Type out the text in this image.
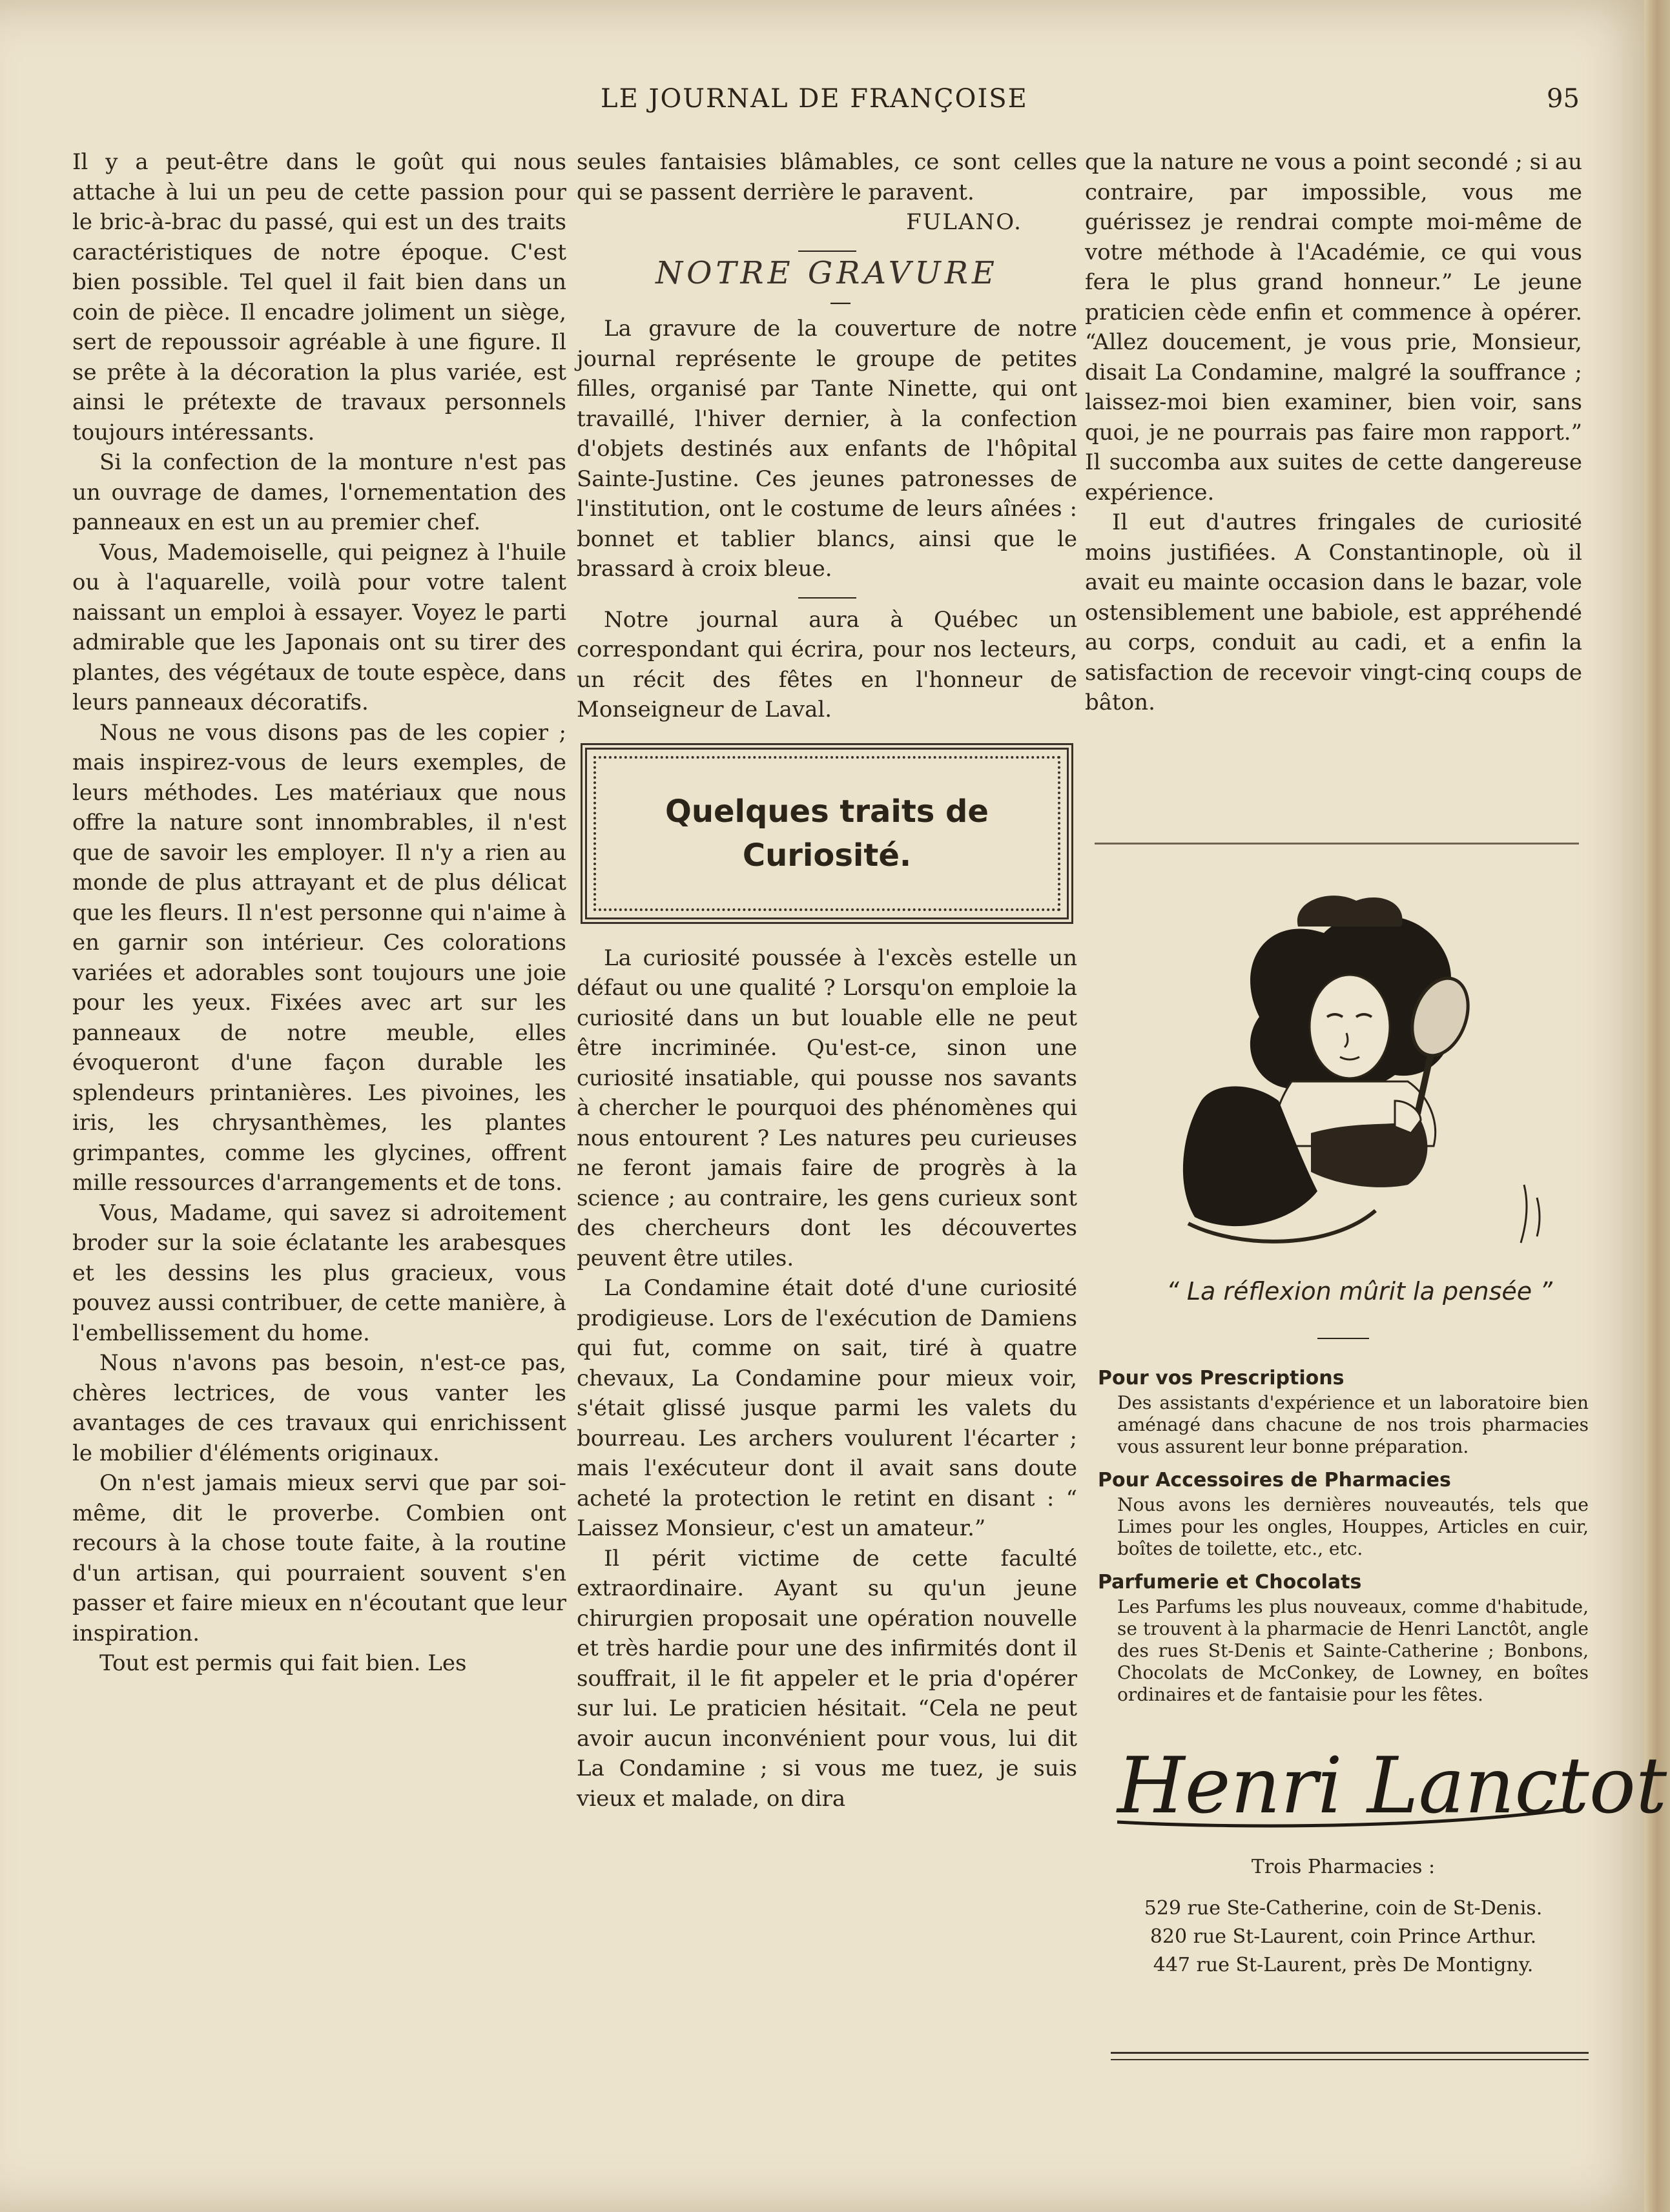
LE JOURNAL DE FRANÇOISE	95

Il y a peut-être dans le goût qui nous attache à lui un peu de cette passion pour le bric-à-brac du passé, qui est un des traits caractéristiques de notre époque. C'est bien possible. Tel quel il fait bien dans un coin de pièce. Il encadre joliment un siège, sert de repoussoir agréable à une figure. Il se prête à la décoration la plus variée, est ainsi le prétexte de travaux personnels toujours intéressants.

Si la confection de la monture n'est pas un ouvrage de dames, l'ornementation des panneaux en est un au premier chef.

Vous, Mademoiselle, qui peignez à l'huile ou à l'aquarelle, voilà pour votre talent naissant un emploi à essayer. Voyez le parti admirable que les Japonais ont su tirer des plantes, des végétaux de toute espèce, dans leurs panneaux décoratifs.

Nous ne vous disons pas de les copier ; mais inspirez-vous de leurs exemples, de leurs méthodes. Les matériaux que nous offre la nature sont innombrables, il n'est que de savoir les employer. Il n'y a rien au monde de plus attrayant et de plus délicat que les fleurs. Il n'est personne qui n'aime à en garnir son intérieur. Ces colorations variées et adorables sont toujours une joie pour les yeux. Fixées avec art sur les panneaux de notre meuble, elles évoqueront d'une façon durable les splendeurs printanières. Les pivoines, les iris, les chrysanthèmes, les plantes grimpantes, comme les glycines, offrent mille ressources d'arrangements et de tons.

Vous, Madame, qui savez si adroitement broder sur la soie éclatante les arabesques et les dessins les plus gracieux, vous pouvez aussi contribuer, de cette manière, à l'embellissement du home.

Nous n'avons pas besoin, n'est-ce pas, chères lectrices, de vous vanter les avantages de ces travaux qui enrichissent le mobilier d'éléments originaux.

On n'est jamais mieux servi que par soi-même, dit le proverbe. Combien ont recours à la chose toute faite, à la routine d'un artisan, qui pourraient souvent s'en passer et faire mieux en n'écoutant que leur inspiration.

Tout est permis qui fait bien. Les

seules fantaisies blâmables, ce sont celles qui se passent derrière le paravent.

FULANO.

NOTRE GRAVURE

—

La gravure de la couverture de notre journal représente le groupe de petites filles, organisé par Tante Ninette, qui ont travaillé, l'hiver dernier, à la confection d'objets destinés aux enfants de l'hôpital Sainte-Justine. Ces jeunes patronesses de l'institution, ont le costume de leurs aînées : bonnet et tablier blancs, ainsi que le brassard à croix bleue.

Notre journal aura à Québec un correspondant qui écrira, pour nos lecteurs, un récit des fêtes en l'honneur de Monseigneur de Laval.

Quelques traits de
Curiosité.

La curiosité poussée à l'excès estelle un défaut ou une qualité ? Lorsqu'on emploie la curiosité dans un but louable elle ne peut être incriminée. Qu'est-ce, sinon une curiosité insatiable, qui pousse nos savants à chercher le pourquoi des phénomènes qui nous entourent ? Les natures peu curieuses ne feront jamais faire de progrès à la science ; au contraire, les gens curieux sont des chercheurs dont les découvertes peuvent être utiles.

La Condamine était doté d'une curiosité prodigieuse. Lors de l'exécution de Damiens qui fut, comme on sait, tiré à quatre chevaux, La Condamine pour mieux voir, s'était glissé jusque parmi les valets du bourreau. Les archers voulurent l'écarter ; mais l'exécuteur dont il avait sans doute acheté la protection le retint en disant : “ Laissez Monsieur, c'est un amateur.”

Il périt victime de cette faculté extraordinaire. Ayant su qu'un jeune chirurgien proposait une opération nouvelle et très hardie pour une des infirmités dont il souffrait, il le fit appeler et le pria d'opérer sur lui. Le praticien hésitait. “Cela ne peut avoir aucun inconvénient pour vous, lui dit La Condamine ; si vous me tuez, je suis vieux et malade, on dira

que la nature ne vous a point secondé ; si au contraire, par impossible, vous me guérissez je rendrai compte moi-même de votre méthode à l'Académie, ce qui vous fera le plus grand honneur.” Le jeune praticien cède enfin et commence à opérer. “Allez doucement, je vous prie, Monsieur, disait La Condamine, malgré la souffrance ; laissez-moi bien examiner, bien voir, sans quoi, je ne pourrais pas faire mon rapport.” Il succomba aux suites de cette dangereuse expérience.

Il eut d'autres fringales de curiosité moins justifiées. A Constantinople, où il avait eu mainte occasion dans le bazar, vole ostensiblement une babiole, est appréhendé au corps, conduit au cadi, et a enfin la satisfaction de recevoir vingt-cinq coups de bâton.

“ La réflexion mûrit la pensée ”
Pour vos Prescriptions

Des assistants d'expérience et un laboratoire bien aménagé dans chacune de nos trois pharmacies vous assurent leur bonne préparation.

Pour Accessoires de Pharmacies

Nous avons les dernières nouveautés, tels que Limes pour les ongles, Houppes, Articles en cuir, boîtes de toilette, etc., etc.

Parfumerie et Chocolats

Les Parfums les plus nouveaux, comme d'habitude, se trouvent à la pharmacie de Henri Lanctôt, angle des rues St-Denis et Sainte-Catherine ; Bonbons, Chocolats de McConkey, de Lowney, en boîtes ordinaires et de fantaisie pour les fêtes.

Henri Lanctot

Trois Pharmacies :

529 rue Ste-Catherine, coin de St-Denis.

820 rue St-Laurent, coin Prince Arthur.

447 rue St-Laurent, près De Montigny.
